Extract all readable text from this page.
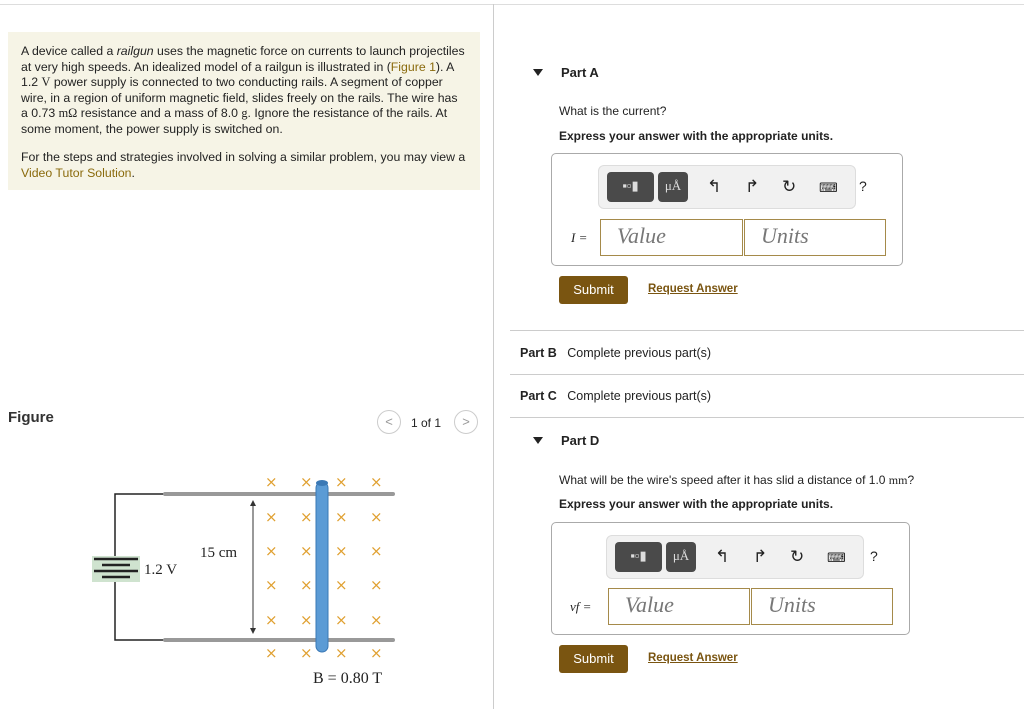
A device called a railgun uses the magnetic force on currents to launch projectiles at very high speeds. An idealized model of a railgun is illustrated in (Figure 1). A 1.2 V power supply is connected to two conducting rails. A segment of copper wire, in a region of uniform magnetic field, slides freely on the rails. The wire has a 0.73 mΩ resistance and a mass of 8.0 g. Ignore the resistance of the rails. At some moment, the power supply is switched on.

For the steps and strategies involved in solving a similar problem, you may view a Video Tutor Solution.

Figure	<	1 of 1	>
×
×
×
×
×
×
×
×
×
×
×
×
×
×
×
×
×
×
×
×
×
×
×
×
15 cm
1.2 V
B = 0.80 T
Part A
What is the current?
Express your answer with the appropriate units.
▪▫▮	μÅ	↰ ↱ ↻ ⌨ ?
I =	Value	Units
Submit	Request Answer
Part B Complete previous part(s)
Part C Complete previous part(s)
Part D
What will be the wire's speed after it has slid a distance of 1.0 mm?
Express your answer with the appropriate units.
▪▫▮	μÅ	↰ ↱ ↻ ⌨ ?
vf =	Value	Units
Submit	Request Answer
